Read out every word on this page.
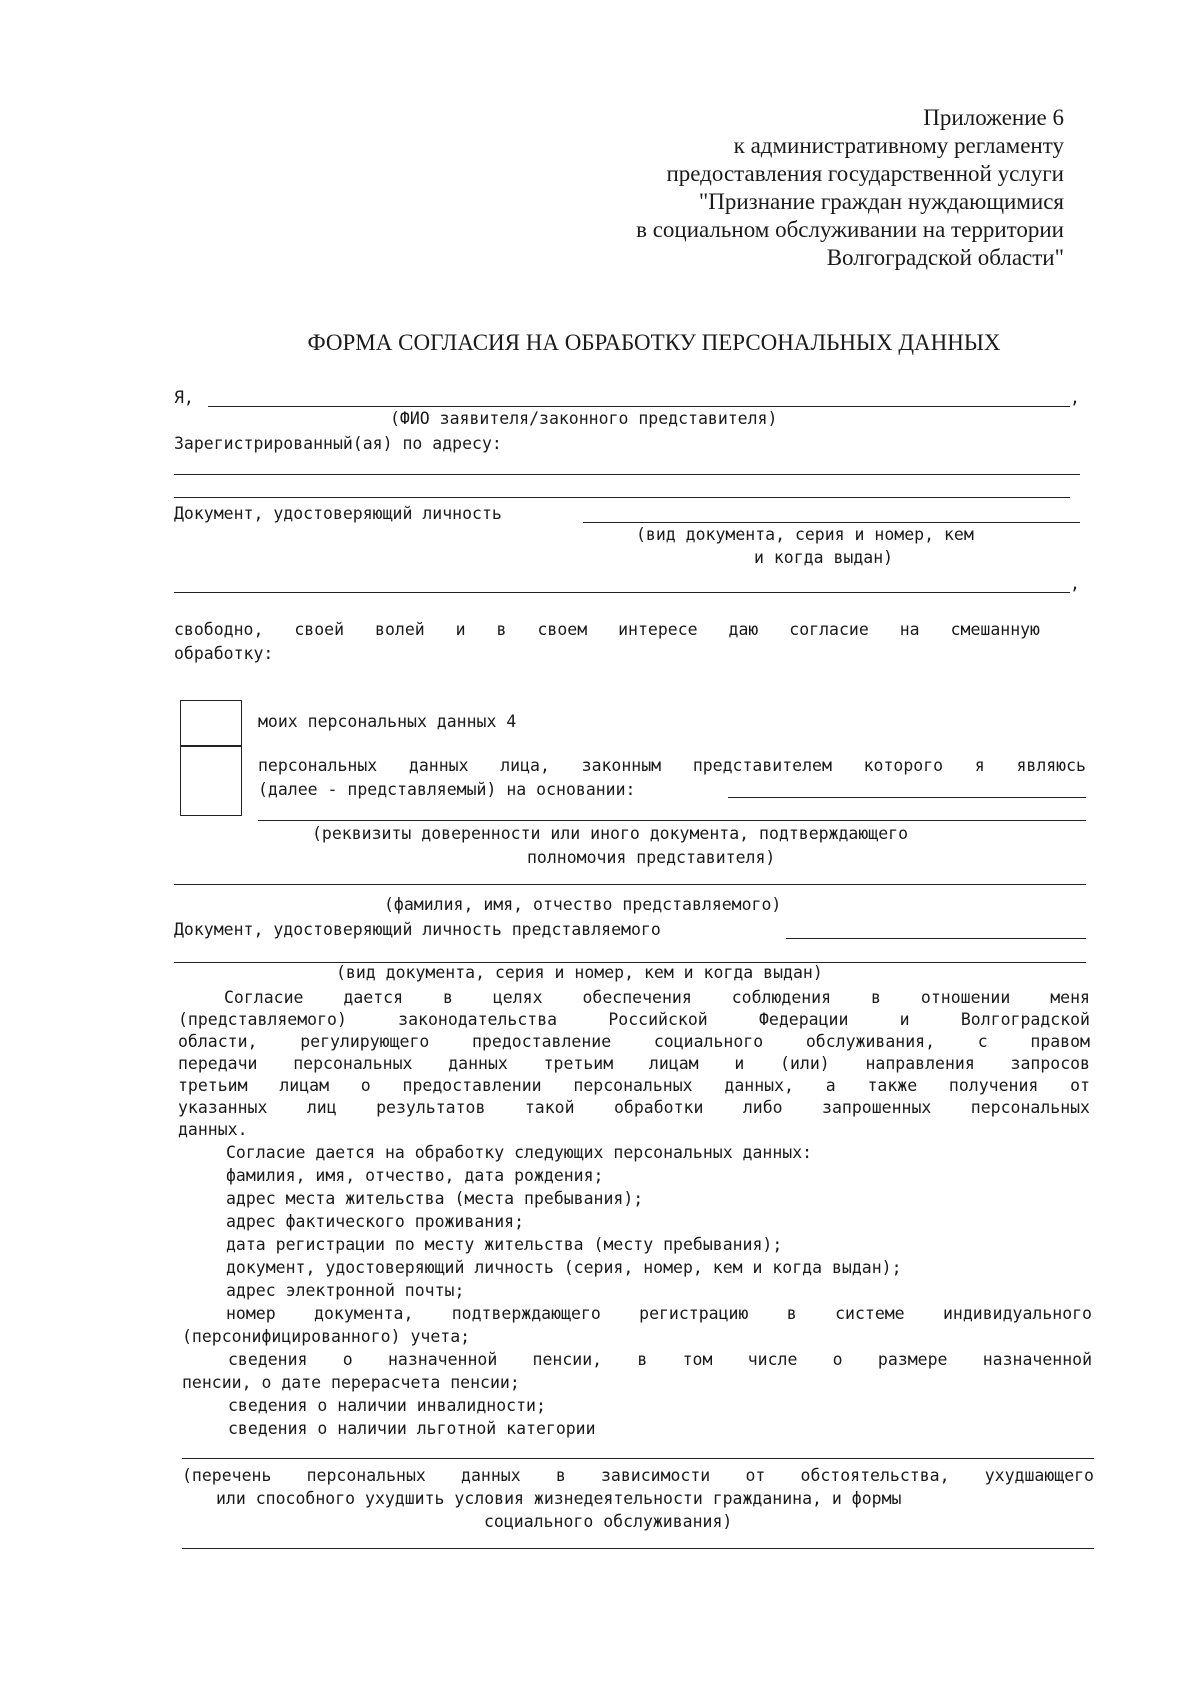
Приложение 6
к административному регламенту
предоставления государственной услуги
"Признание граждан нуждающимися
в социальном обслуживании на территории
Волгоградской области"
ФОРМА СОГЛАСИЯ НА ОБРАБОТКУ ПЕРСОНАЛЬНЫХ ДАННЫХ
Я,	,
(ФИО заявителя/законного представителя)
Зарегистрированный(ая) по адресу:
Документ, удостоверяющий личность
(вид документа, серия и номер, кем
и когда выдан)
,
свободно, своей волей и в своем интересе даю согласие на смешанную
обработку:
моих персональных данных 4
персональных данных лица, законным представителем которого я являюсь
(далее - представляемый) на основании:
(реквизиты доверенности или иного документа, подтверждающего
полномочия представителя)
(фамилия, имя, отчество представляемого)
Документ, удостоверяющий личность представляемого
(вид документа, серия и номер, кем и когда выдан)
Согласие дается в целях обеспечения соблюдения в отношении меня
(представляемого) законодательства Российской Федерации и Волгоградской
области, регулирующего предоставление социального обслуживания, с правом
передачи персональных данных третьим лицам и (или) направления запросов
третьим лицам о предоставлении персональных данных, а также получения от
указанных лиц результатов такой обработки либо запрошенных персональных
данных.
Согласие дается на обработку следующих персональных данных:
фамилия, имя, отчество, дата рождения;
адрес места жительства (места пребывания);
адрес фактического проживания;
дата регистрации по месту жительства (месту пребывания);
документ, удостоверяющий личность (серия, номер, кем и когда выдан);
адрес электронной почты;
номер документа, подтверждающего регистрацию в системе индивидуального
(персонифицированного) учета;
сведения о назначенной пенсии, в том числе о размере назначенной
пенсии, о дате перерасчета пенсии;
сведения о наличии инвалидности;
сведения о наличии льготной категории
(перечень персональных данных в зависимости от обстоятельства, ухудшающего
или способного ухудшить условия жизнедеятельности гражданина, и формы
социального обслуживания)
